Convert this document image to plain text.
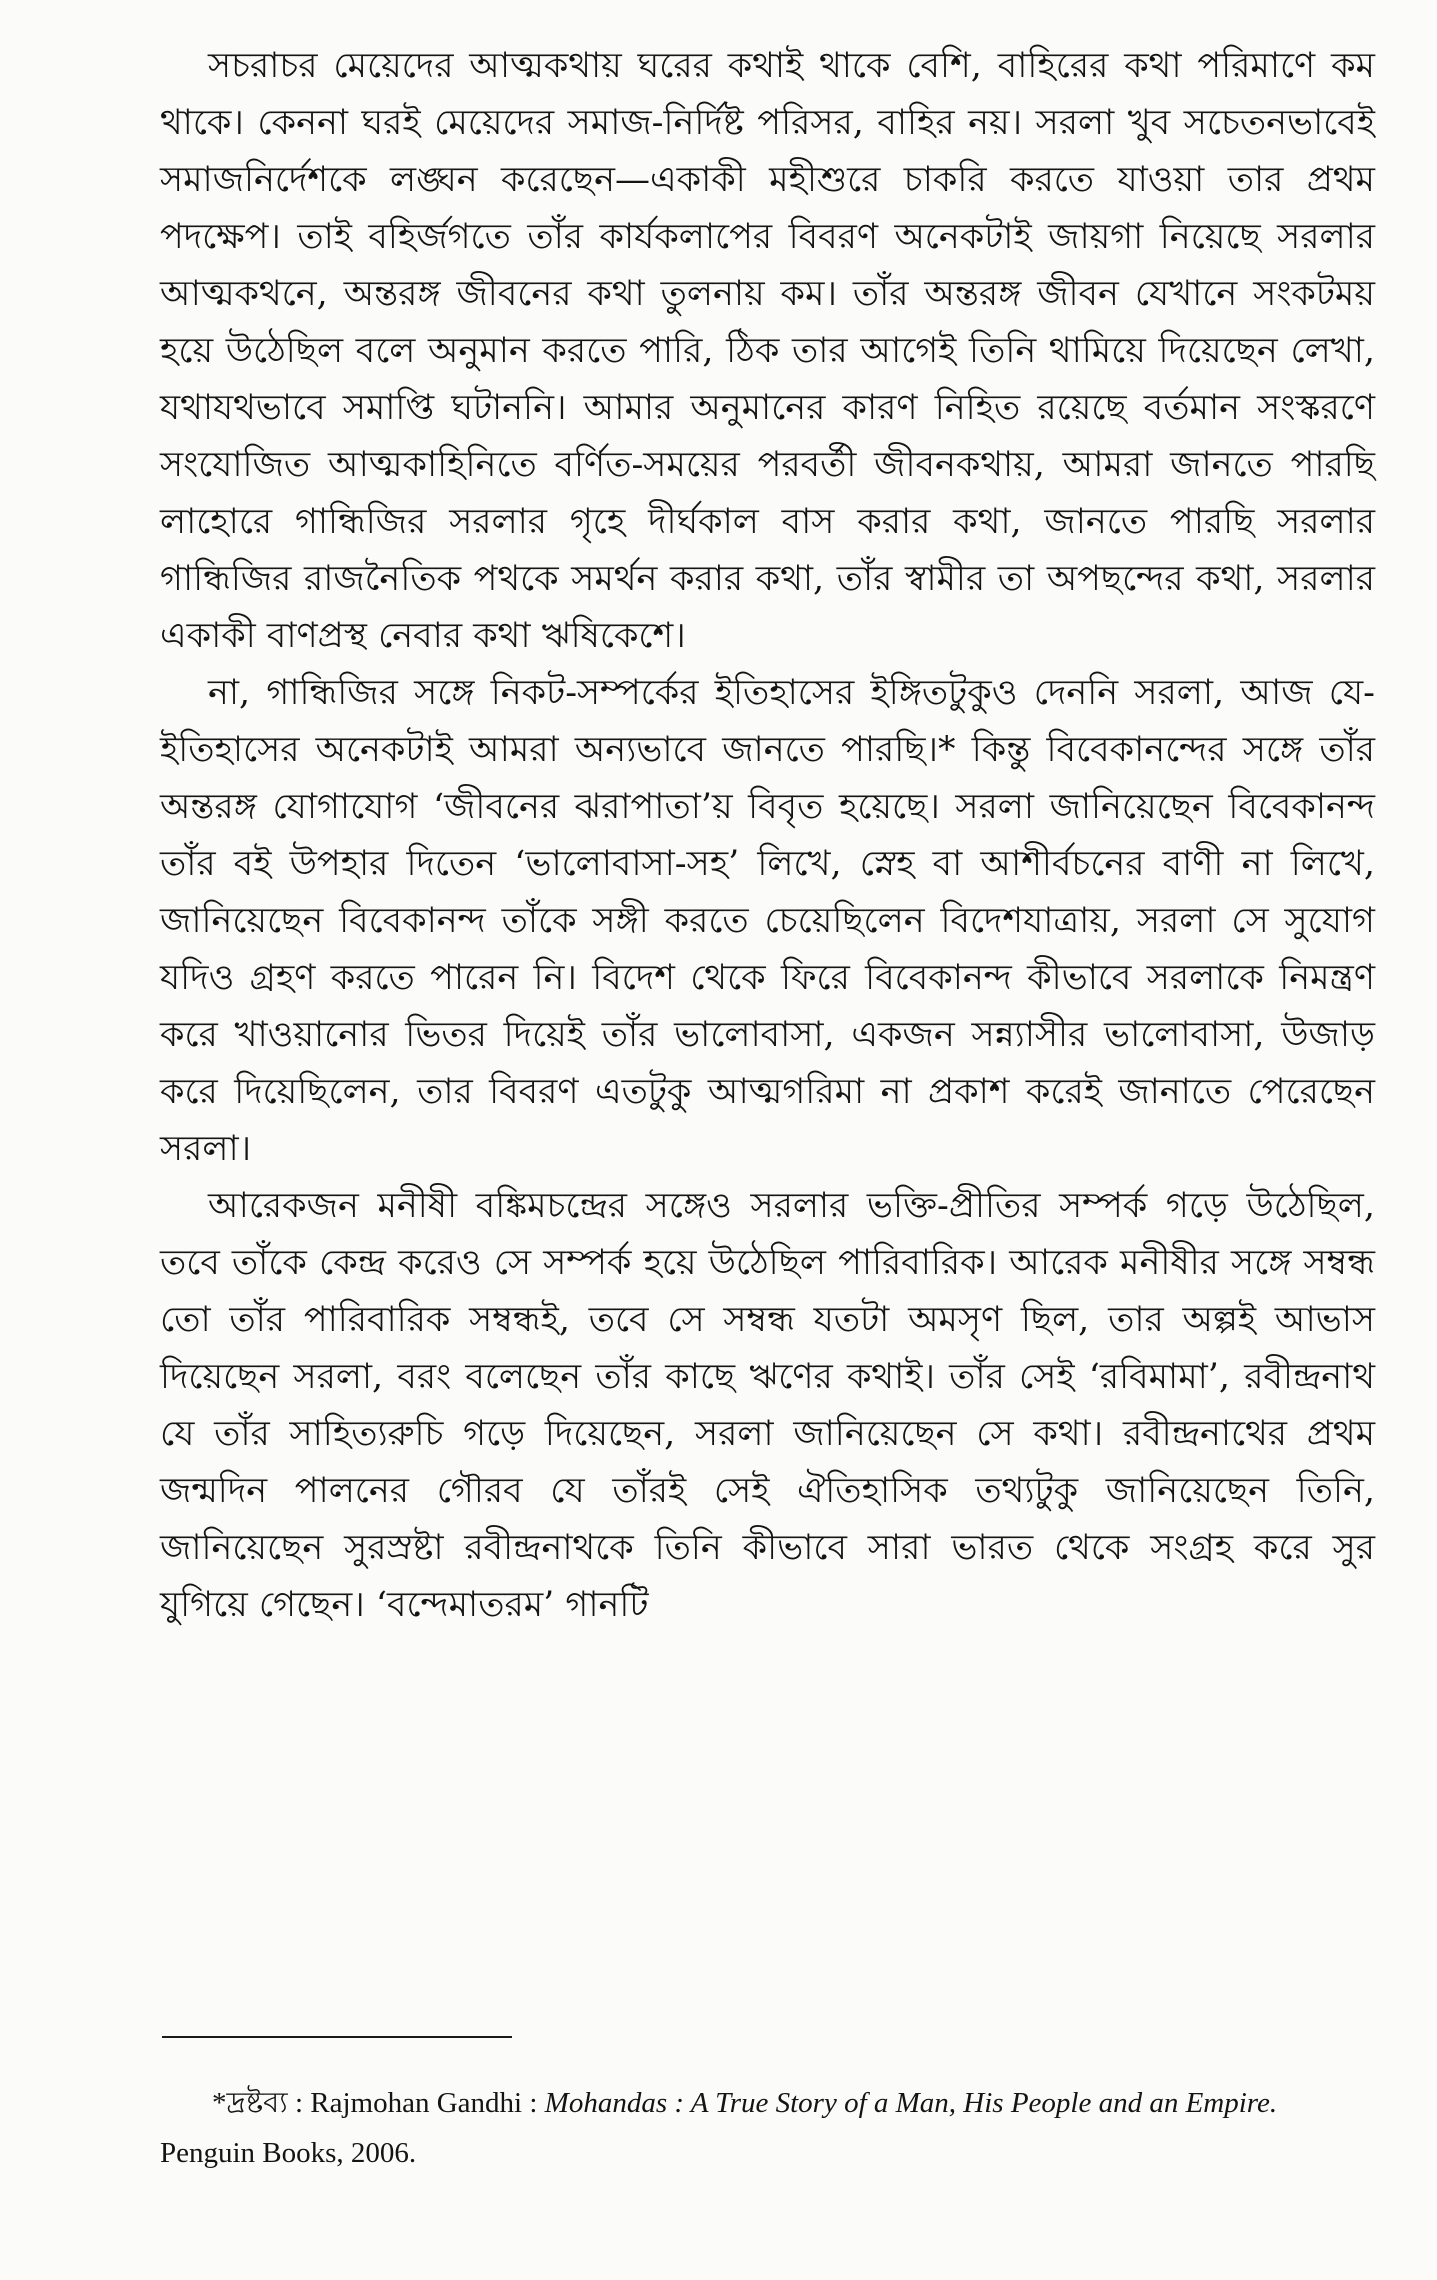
সচরাচর মেয়েদের আত্মকথায় ঘরের কথাই থাকে বেশি, বাহিরের কথা পরিমাণে কম থাকে। কেননা ঘরই মেয়েদের সমাজ-নির্দিষ্ট পরিসর, বাহির নয়। সরলা খুব সচেতনভাবেই সমাজনির্দেশকে লঙ্ঘন করেছেন—একাকী মহীশুরে চাকরি করতে যাওয়া তার প্রথম পদক্ষেপ। তাই বহির্জগতে তাঁর কার্যকলাপের বিবরণ অনেকটাই জায়গা নিয়েছে সরলার আত্মকথনে, অন্তরঙ্গ জীবনের কথা তুলনায় কম। তাঁর অন্তরঙ্গ জীবন যেখানে সংকটময় হয়ে উঠেছিল বলে অনুমান করতে পারি, ঠিক তার আগেই তিনি থামিয়ে দিয়েছেন লেখা, যথাযথভাবে সমাপ্তি ঘটাননি। আমার অনুমানের কারণ নিহিত রয়েছে বর্তমান সংস্করণে সংযোজিত আত্মকাহিনিতে বর্ণিত-সময়ের পরবর্তী জীবনকথায়, আমরা জানতে পারছি লাহোরে গান্ধিজির সরলার গৃহে দীর্ঘকাল বাস করার কথা, জানতে পারছি সরলার গান্ধিজির রাজনৈতিক পথকে সমর্থন করার কথা, তাঁর স্বামীর তা অপছন্দের কথা, সরলার একাকী বাণপ্রস্থ নেবার কথা ঋষিকেশে।

না, গান্ধিজির সঙ্গে নিকট-সম্পর্কের ইতিহাসের ইঙ্গিতটুকুও দেননি সরলা, আজ যে-ইতিহাসের অনেকটাই আমরা অন্যভাবে জানতে পারছি।* কিন্তু বিবেকানন্দের সঙ্গে তাঁর অন্তরঙ্গ যোগাযোগ ‘জীবনের ঝরাপাতা’য় বিবৃত হয়েছে। সরলা জানিয়েছেন বিবেকানন্দ তাঁর বই উপহার দিতেন ‘ভালোবাসা-সহ’ লিখে, স্নেহ বা আশীর্বচনের বাণী না লিখে, জানিয়েছেন বিবেকানন্দ তাঁকে সঙ্গী করতে চেয়েছিলেন বিদেশযাত্রায়, সরলা সে সুযোগ যদিও গ্রহণ করতে পারেন নি। বিদেশ থেকে ফিরে বিবেকানন্দ কীভাবে সরলাকে নিমন্ত্রণ করে খাওয়ানোর ভিতর দিয়েই তাঁর ভালোবাসা, একজন সন্ন্যাসীর ভালোবাসা, উজাড় করে দিয়েছিলেন, তার বিবরণ এতটুকু আত্মগরিমা না প্রকাশ করেই জানাতে পেরেছেন সরলা।

আরেকজন মনীষী বঙ্কিমচন্দ্রের সঙ্গেও সরলার ভক্তি-প্রীতির সম্পর্ক গড়ে উঠেছিল, তবে তাঁকে কেন্দ্র করেও সে সম্পর্ক হয়ে উঠেছিল পারিবারিক। আরেক মনীষীর সঙ্গে সম্বন্ধ তো তাঁর পারিবারিক সম্বন্ধই, তবে সে সম্বন্ধ যতটা অমসৃণ ছিল, তার অল্পই আভাস দিয়েছেন সরলা, বরং বলেছেন তাঁর কাছে ঋণের কথাই। তাঁর সেই ‘রবিমামা’, রবীন্দ্রনাথ যে তাঁর সাহিত্যরুচি গড়ে দিয়েছেন, সরলা জানিয়েছেন সে কথা। রবীন্দ্রনাথের প্রথম জন্মদিন পালনের গৌরব যে তাঁরই সেই ঐতিহাসিক তথ্যটুকু জানিয়েছেন তিনি, জানিয়েছেন সুরস্রষ্টা রবীন্দ্রনাথকে তিনি কীভাবে সারা ভারত থেকে সংগ্রহ করে সুর যুগিয়ে গেছেন। ‘বন্দেমাতরম’ গানটি

*দ্রষ্টব্য : Rajmohan Gandhi : Mohandas : A True Story of a Man, His People and an Empire. Penguin Books, 2006.
